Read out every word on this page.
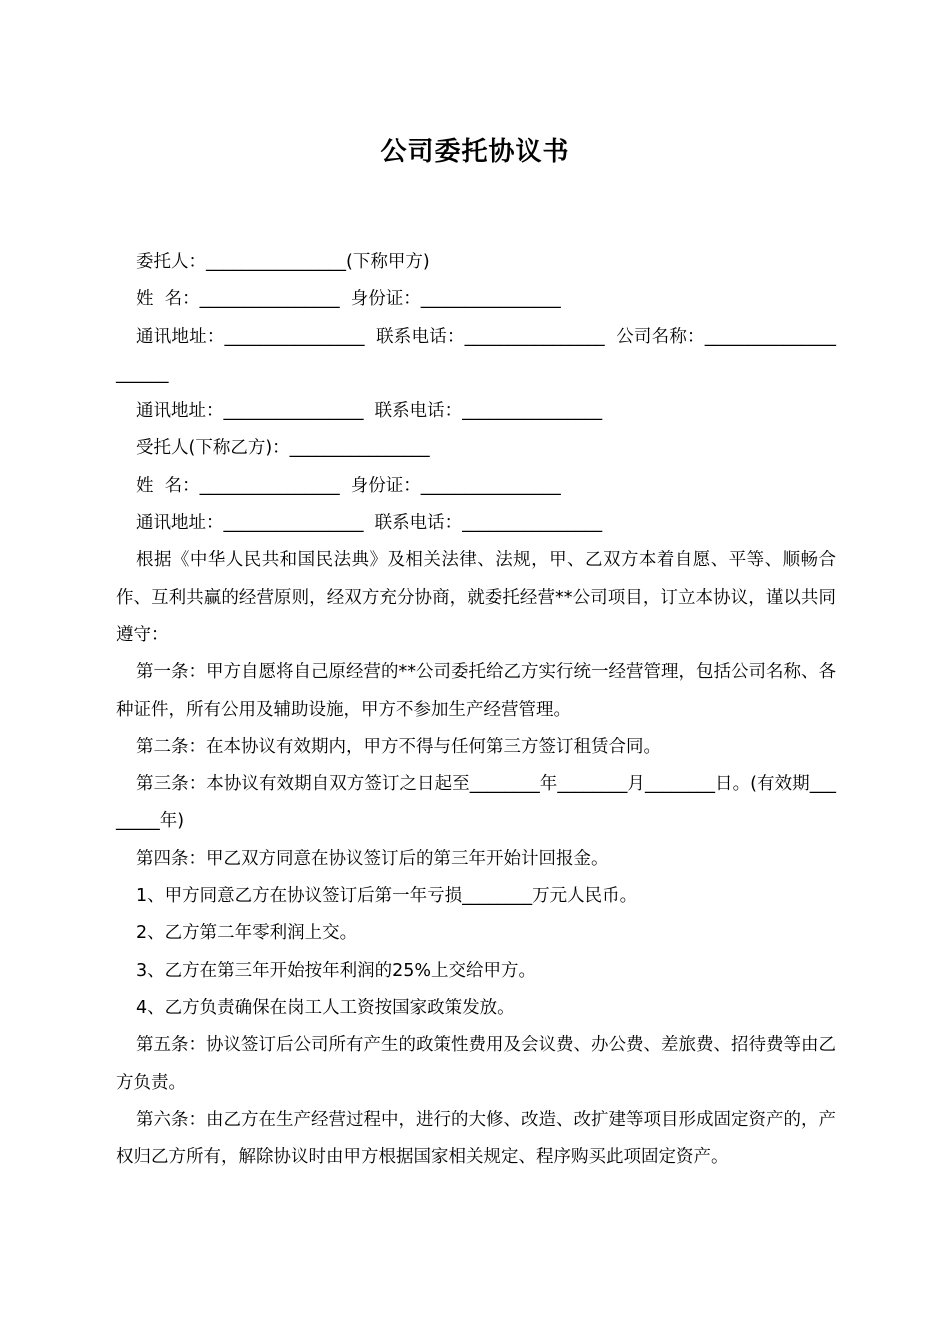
公司委托协议书

委托人：________________(下称甲方)

姓  名：________________  身份证：________________

通讯地址：________________  联系电话：________________  公司名称：_____________________

通讯地址：________________  联系电话：________________

受托人(下称乙方)：________________

姓  名：________________  身份证：________________

通讯地址：________________  联系电话：________________

根据《中华人民共和国民法典》及相关法律、法规，甲、乙双方本着自愿、平等、顺畅合作、互利共赢的经营原则，经双方充分协商，就委托经营**公司项目，订立本协议，谨以共同遵守：

第一条：甲方自愿将自己原经营的**公司委托给乙方实行统一经营管理，包括公司名称、各种证件，所有公用及辅助设施，甲方不参加生产经营管理。

第二条：在本协议有效期内，甲方不得与任何第三方签订租赁合同。

第三条：本协议有效期自双方签订之日起至________年________月________日。(有效期________年)

第四条：甲乙双方同意在协议签订后的第三年开始计回报金。

1、甲方同意乙方在协议签订后第一年亏损________万元人民币。

2、乙方第二年零利润上交。

3、乙方在第三年开始按年利润的25%上交给甲方。

4、乙方负责确保在岗工人工资按国家政策发放。

第五条：协议签订后公司所有产生的政策性费用及会议费、办公费、差旅费、招待费等由乙方负责。

第六条：由乙方在生产经营过程中，进行的大修、改造、改扩建等项目形成固定资产的，产权归乙方所有，解除协议时由甲方根据国家相关规定、程序购买此项固定资产。
